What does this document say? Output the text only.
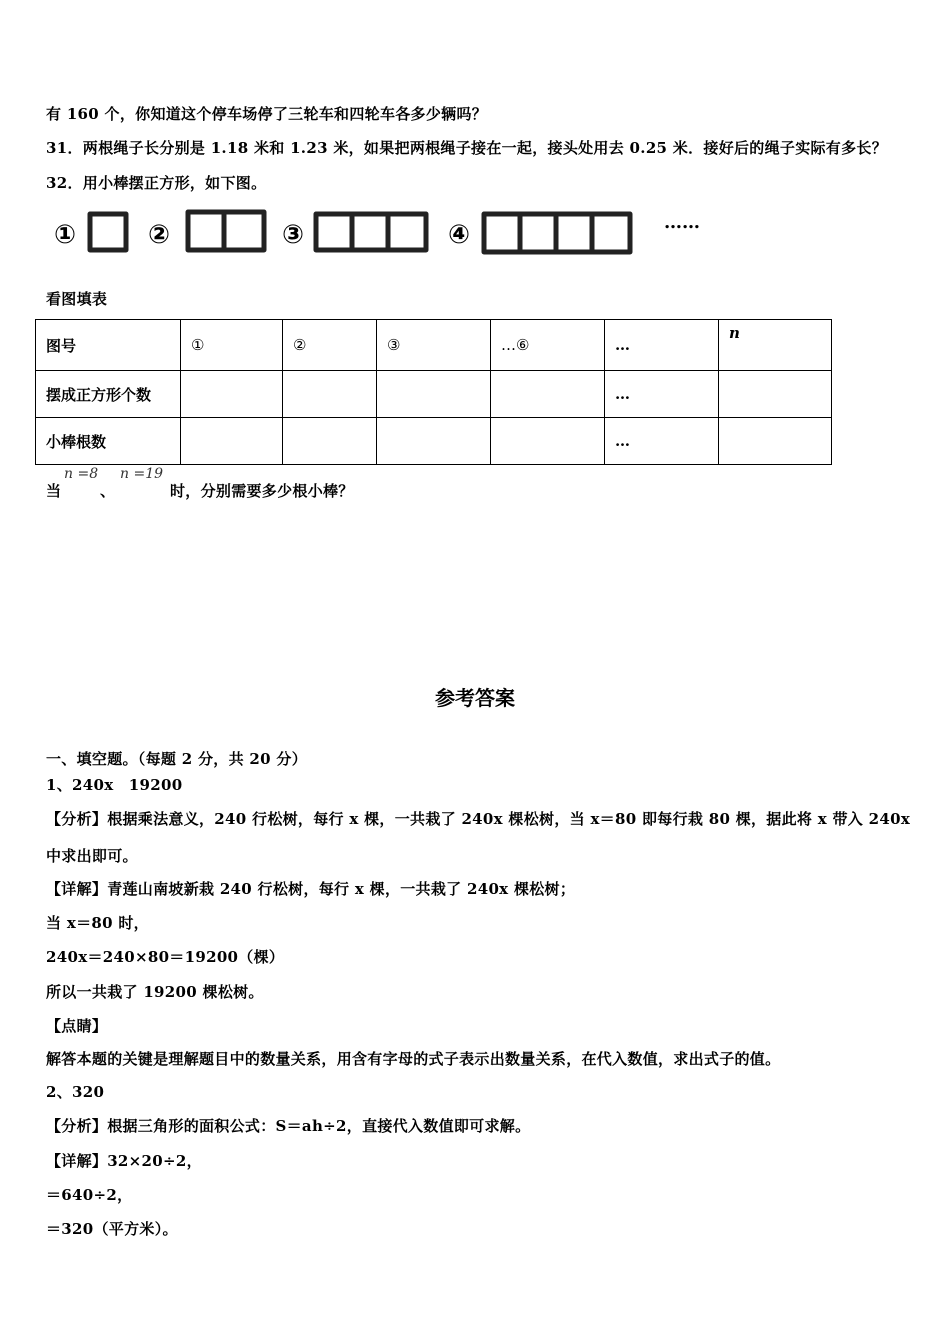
有 160 个，你知道这个停车场停了三轮车和四轮车各多少辆吗？
31．两根绳子长分别是 1.18 米和 1.23 米，如果把两根绳子接在一起，接头处用去 0.25 米．接好后的绳子实际有多长？
32．用小棒摆正方形，如下图。
①	②	③	④	……
看图填表
图号	①	②	③	…⑥	…	n
摆成正方形个数					…	
小棒根数					…	
当
n =8
、
n =19
时，分别需要多少根小棒？
参考答案
一、填空题。（每题 2 分，共 20 分）
1、240x　19200
【分析】根据乘法意义，240 行松树，每行 x 棵，一共栽了 240x 棵松树，当 x＝80 即每行栽 80 棵，据此将 x 带入 240x
中求出即可。
【详解】青莲山南坡新栽 240 行松树，每行 x 棵，一共栽了 240x 棵松树；
当 x＝80 时，
240x＝240×80＝19200（棵）
所以一共栽了 19200 棵松树。
【点睛】
解答本题的关键是理解题目中的数量关系，用含有字母的式子表示出数量关系，在代入数值，求出式子的值。
2、320
【分析】根据三角形的面积公式：S＝ah÷2，直接代入数值即可求解。
【详解】32×20÷2，
＝640÷2，
＝320（平方米）。
